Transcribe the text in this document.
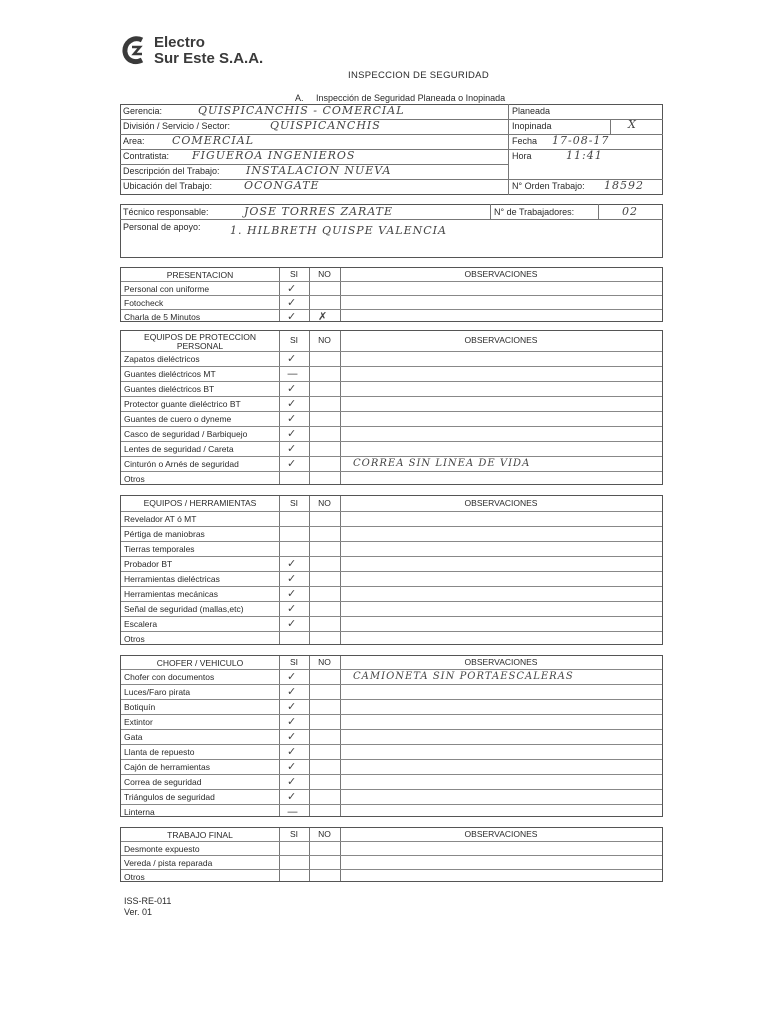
Electro
Sur Este S.A.A.
INSPECCION DE SEGURIDAD
A. Inspección de Seguridad Planeada o Inopinada
Gerencia:	QUISPICANCHIS - COMERCIAL
División / Servicio / Sector:	QUISPICANCHIS
Area: COMERCIAL
Contratista: FIGUEROA INGENIEROS
Descripción del Trabajo: INSTALACION NUEVA
Ubicación del Trabajo:	OCONGATE
Planeada
Inopinada	X
Fecha 17-08-17
Hora	11:41
N° Orden Trabajo: 18592
Técnico responsable:	JOSE TORRES ZARATE	N° de Trabajadores:	02
Personal de apoyo:	1. HILBRETH QUISPE VALENCIA
PRESENTACION	SI	NO	OBSERVACIONES
Personal con uniforme	✓
Fotocheck	✓
Charla de 5 Minutos	✓ ✗
EQUIPOS DE PROTECCION
PERSONAL
SI	NO	OBSERVACIONES
Zapatos dieléctricos	✓
Guantes dieléctricos MT	—
Guantes dieléctricos BT	✓
Protector guante dieléctrico BT	✓
Guantes de cuero o dyneme	✓
Casco de seguridad / Barbiquejo	✓
Lentes de seguridad / Careta	✓
Cinturón o Arnés de seguridad	✓	CORREA SIN LINEA DE VIDA
Otros
EQUIPOS / HERRAMIENTAS	SI	NO	OBSERVACIONES
Revelador AT ó MT
Pértiga de maniobras
Tierras temporales
Probador BT	✓
Herramientas dieléctricas	✓
Herramientas mecánicas	✓
Señal de seguridad (mallas,etc)	✓
Escalera	✓
Otros
CHOFER / VEHICULO	SI	NO	OBSERVACIONES
Chofer con documentos	✓	CAMIONETA SIN PORTAESCALERAS
Luces/Faro pirata	✓
Botiquín	✓
Extintor	✓
Gata	✓
Llanta de repuesto	✓
Cajón de herramientas	✓
Correa de seguridad	✓
Triángulos de seguridad	✓
Linterna	—
TRABAJO FINAL	SI	NO	OBSERVACIONES
Desmonte expuesto
Vereda / pista reparada
Otros
ISS-RE-011
Ver. 01
